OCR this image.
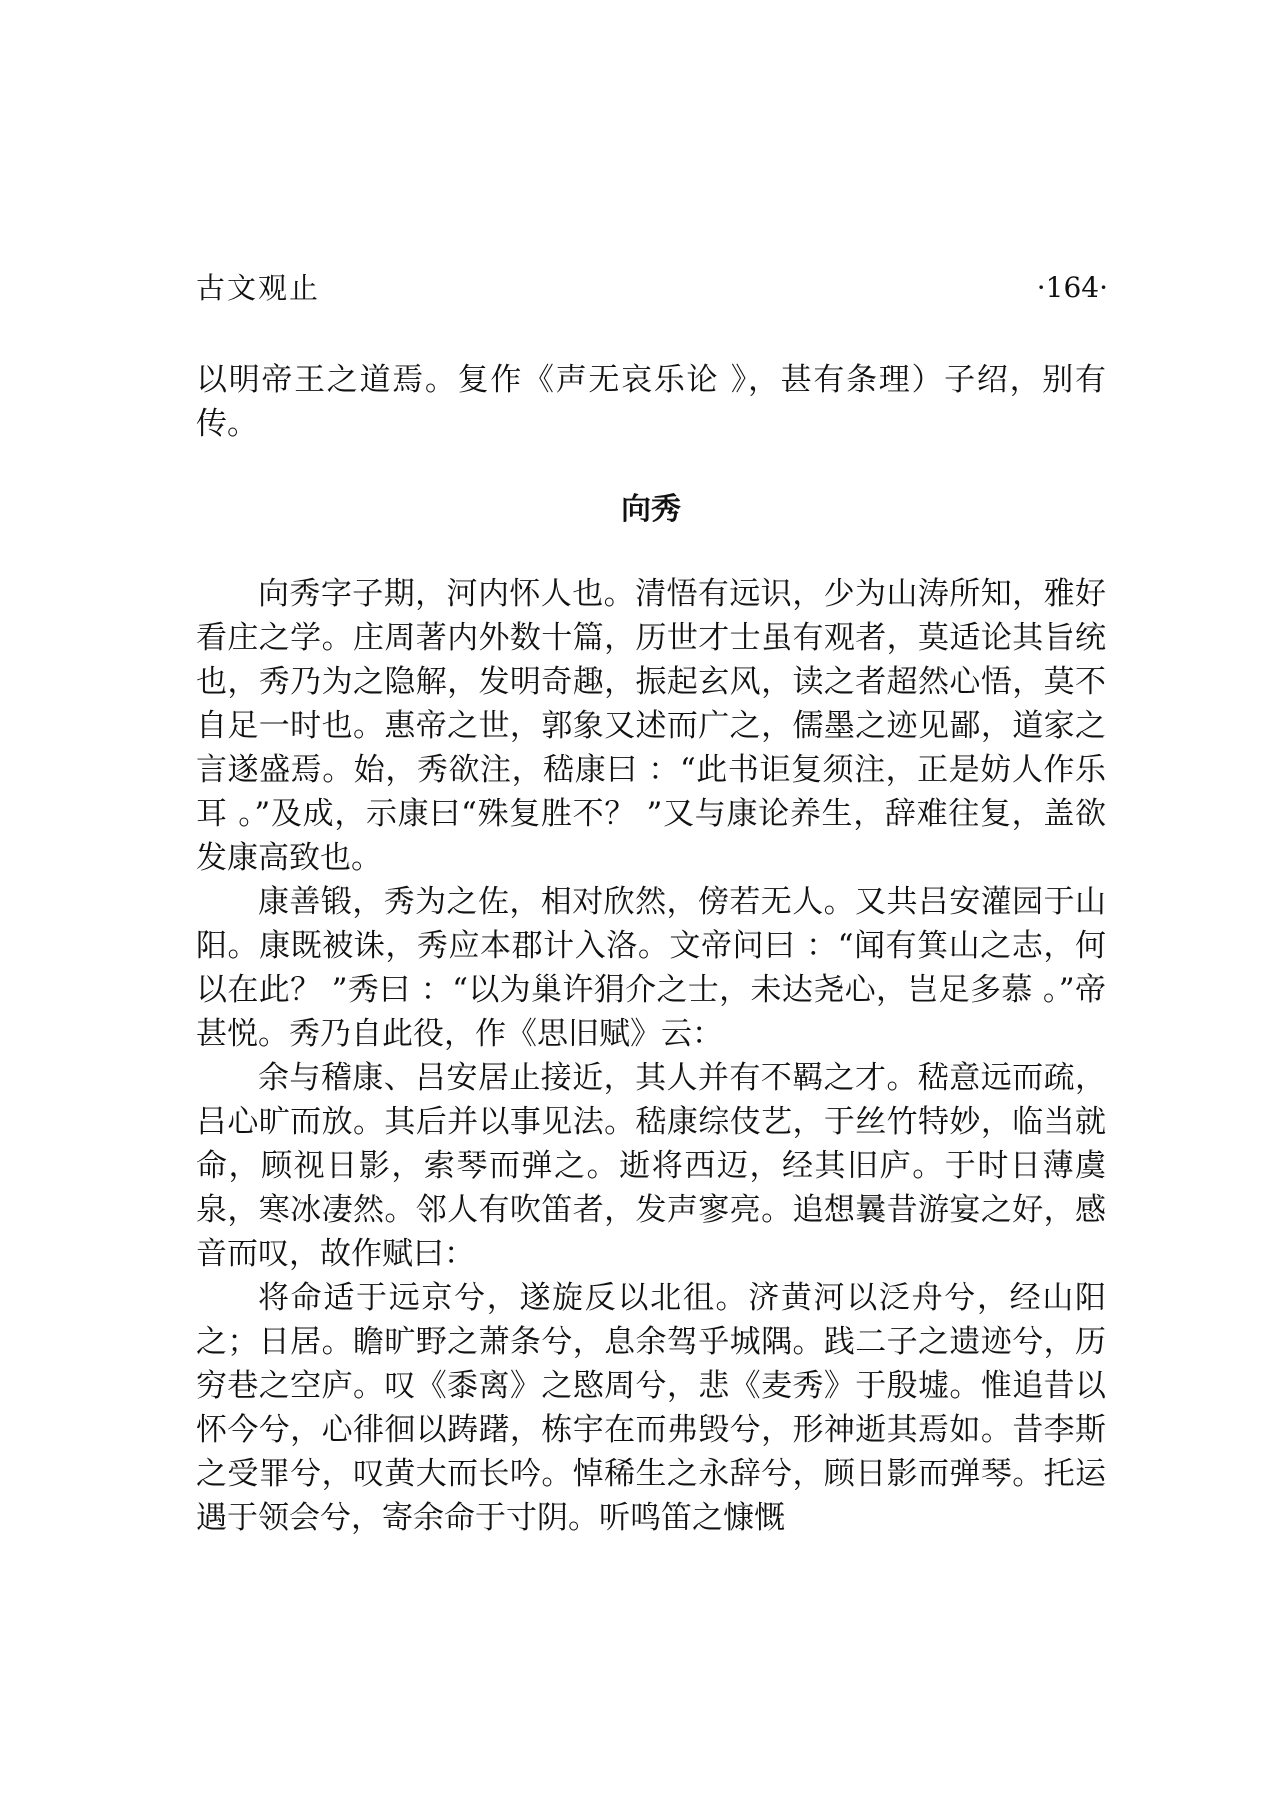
古文观止	·164·

以明帝王之道焉。复作《声无哀乐论 》，甚有条理）子绍，别有传。

向秀

向秀字子期，河内怀人也。清悟有远识，少为山涛所知，雅好看庄之学。庄周著内外数十篇，历世才士虽有观者，莫适论其旨统也，秀乃为之隐解，发明奇趣，振起玄风，读之者超然心悟，莫不自足一时也。惠帝之世，郭象又述而广之，儒墨之迹见鄙，道家之言遂盛焉。始，秀欲注，嵇康曰 ：“此书讵复须注，正是妨人作乐耳 。”及成，示康曰“殊复胜不？ ”又与康论养生，辞难往复，盖欲发康高致也。

康善锻，秀为之佐，相对欣然，傍若无人。又共吕安灌园于山阳。康既被诛，秀应本郡计入洛。文帝问曰 ：“闻有箕山之志，何以在此？ ”秀曰 ：“以为巢许狷介之士，未达尧心，岂足多慕 。”帝甚悦。秀乃自此役，作《思旧赋》云：

余与稽康、吕安居止接近，其人并有不羁之才。嵇意远而疏，吕心旷而放。其后并以事见法。嵇康综伎艺，于丝竹特妙，临当就命，顾视日影，索琴而弹之。逝将西迈，经其旧庐。于时日薄虞泉，寒冰凄然。邻人有吹笛者，发声寥亮。追想曩昔游宴之好，感音而叹，故作赋曰：

将命适于远京兮，遂旋反以北徂。济黄河以泛舟兮，经山阳之；日居。瞻旷野之萧条兮，息余驾乎城隅。践二子之遗迹兮，历穷巷之空庐。叹《黍离》之愍周兮，悲《麦秀》于殷墟。惟追昔以怀今兮，心徘徊以踌躇，栋宇在而弗毁兮，形神逝其焉如。昔李斯之受罪兮，叹黄大而长吟。悼稀生之永辞兮，顾日影而弹琴。托运遇于领会兮，寄余命于寸阴。听鸣笛之慷慨
